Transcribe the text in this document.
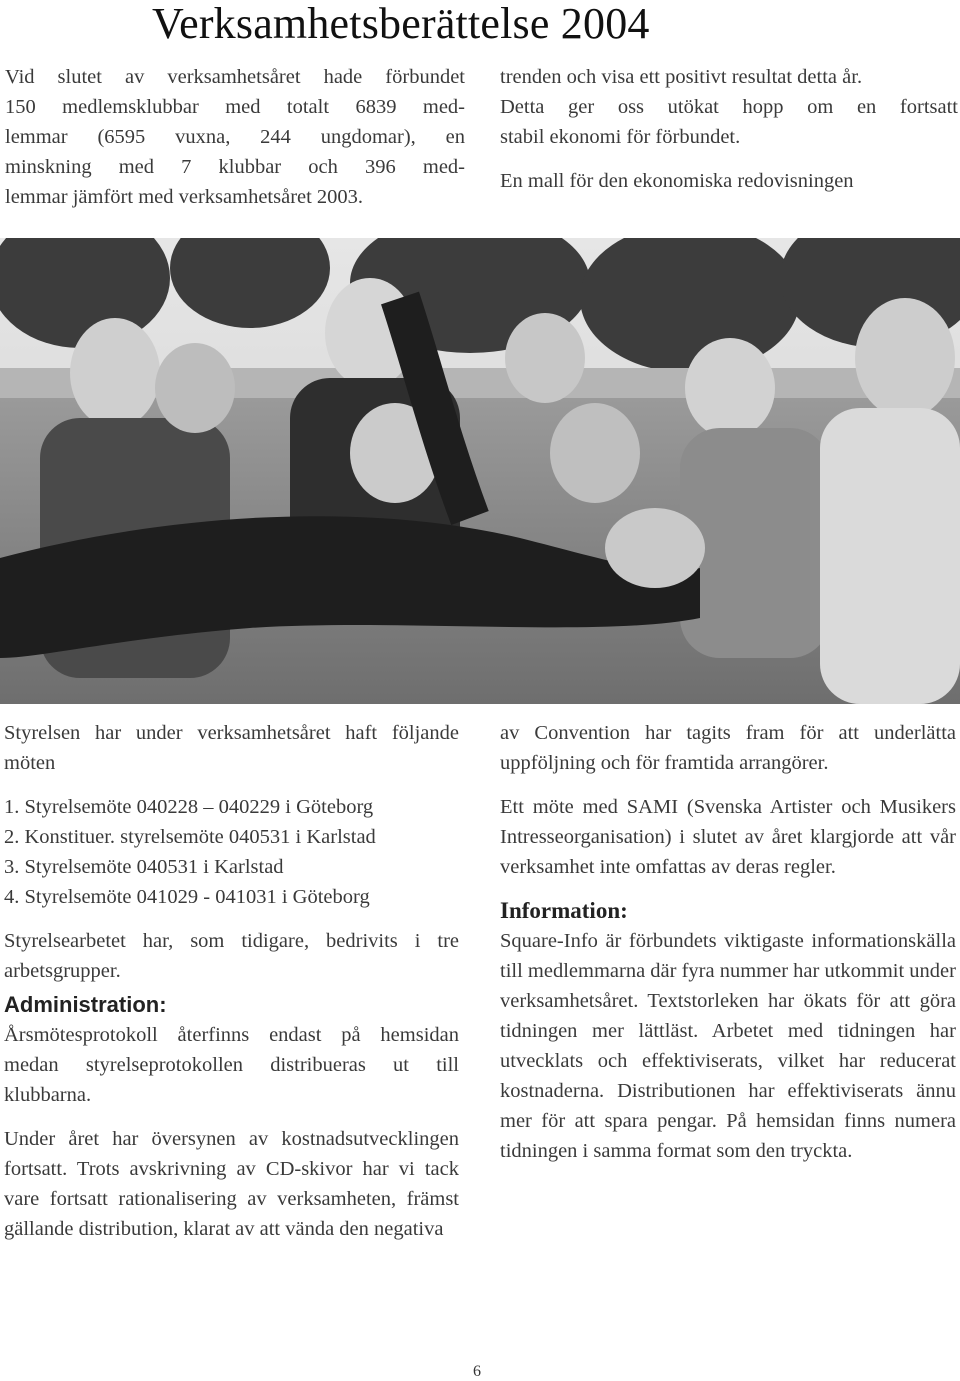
Verksamhetsberättelse 2004

Vid slutet av verksamhetsåret hade förbundet

150 medlemsklubbar med totalt 6839 med-

lemmar (6595 vuxna, 244 ungdomar), en

minskning med 7 klubbar och 396 med-

lemmar jämfört med verksamhetsåret 2003.

trenden och visa ett positivt resultat detta år.

Detta ger oss utökat hopp om en fortsatt

stabil ekonomi för förbundet.

En mall för den ekonomiska redovisningen

Styrelsen har under verksamhetsåret haft följande möten

1. Styrelsemöte 040228 – 040229 i Göteborg

2. Konstituer. styrelsemöte 040531 i Karlstad

3. Styrelsemöte 040531 i Karlstad

4. Styrelsemöte 041029 - 041031 i Göteborg

Styrelsearbetet har, som tidigare, bedrivits i tre arbetsgrupper.

Administration:

Årsmötesprotokoll återfinns endast på hemsidan medan styrelseprotokollen distribueras ut till klubbarna.

Under året har översynen av kostnadsutvecklingen fortsatt. Trots avskrivning av CD-skivor har vi tack vare fortsatt rationalisering av verksamheten, främst gällande distribution, klarat av att vända den negativa

av Convention har tagits fram för att underlätta uppföljning och för framtida arrangörer.

Ett möte med SAMI (Svenska Artister och Musikers Intresseorganisation) i slutet av året klargjorde att vår verksamhet inte omfattas av deras regler.

Information:

Square-Info är förbundets viktigaste informationskälla till medlemmarna där fyra nummer har utkommit under verksamhetsåret. Textstorleken har ökats för att göra tidningen mer lättläst. Arbetet med tidningen har utvecklats och effektiviserats, vilket har reducerat kostnaderna. Distributionen har effektiviserats ännu mer för att spara pengar. På hemsidan finns numera tidningen i samma format som den tryckta.

6
